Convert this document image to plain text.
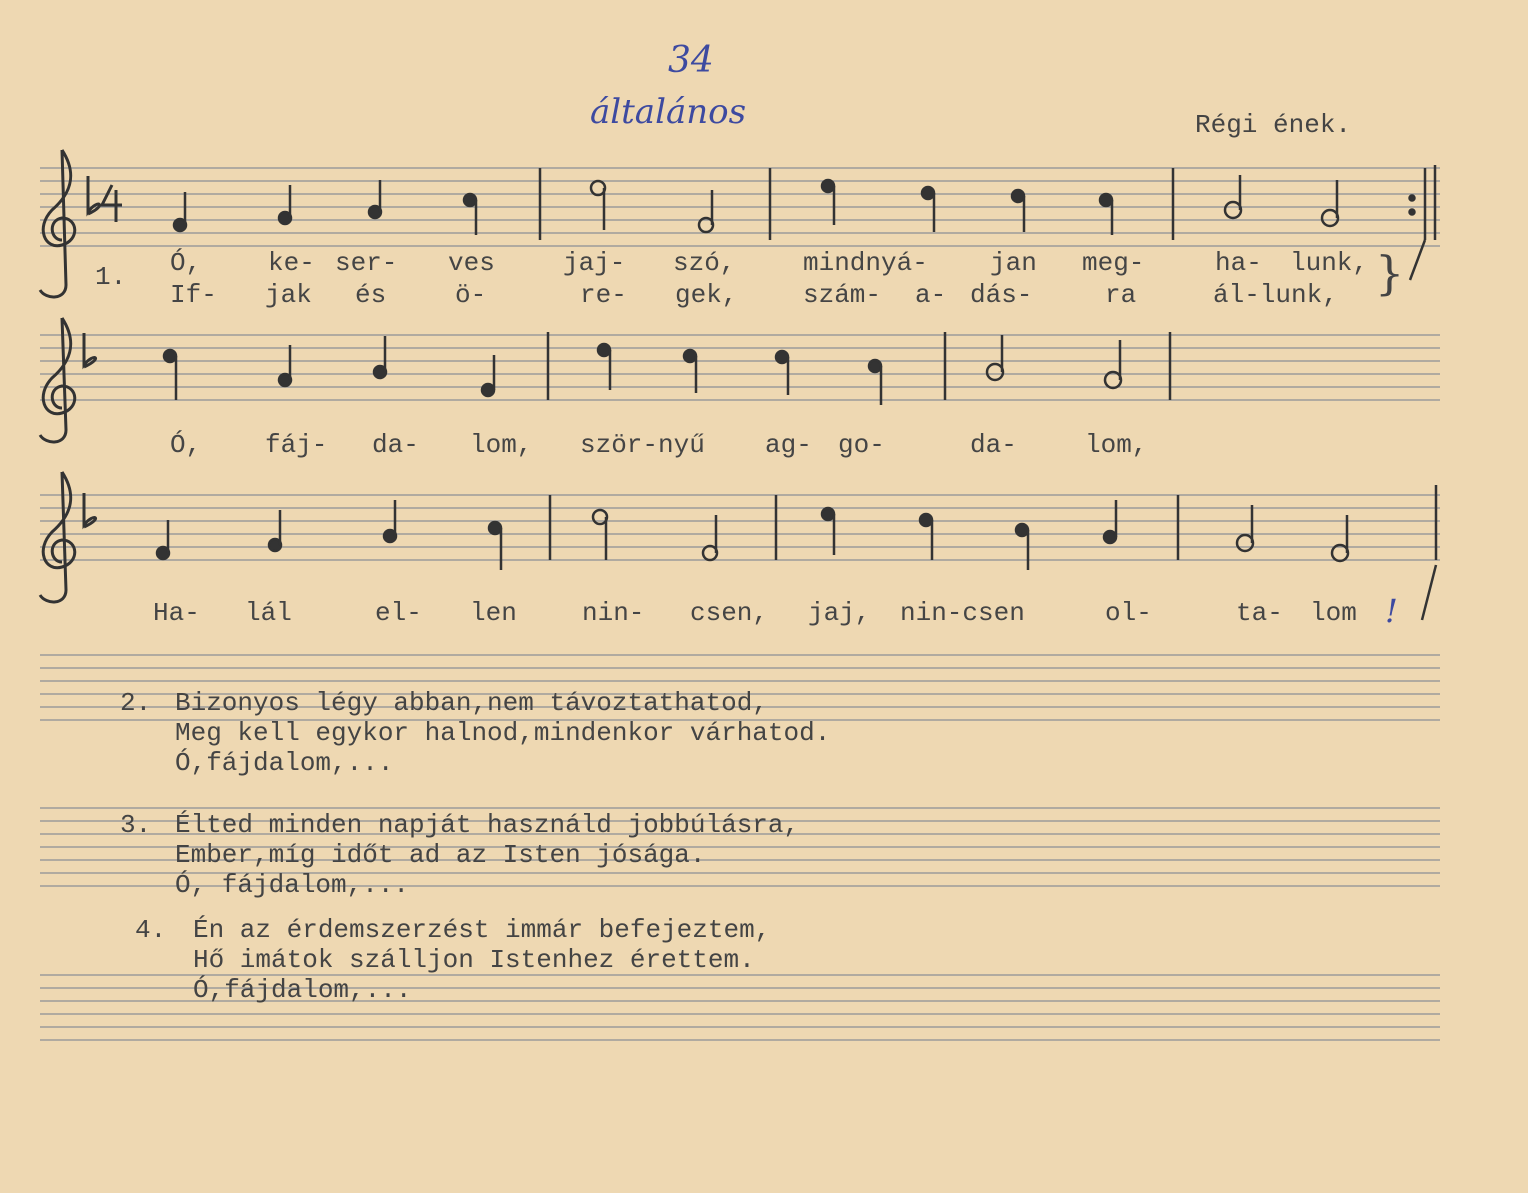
34
általános	Régi ének.
1. Ó,	ke- ser- ves	jaj- szó,	mindnyá- jan meg-	ha- lunk,
If- jak és	ö-	re- gek,	szám- a- dás-	ra	ál-lunk, }
Ó, fáj- da- lom, ször-nyű ag- go-	da-	lom,
Ha- lál	el- len	nin- csen, jaj, nin-csen	ol-	ta- lom !
2. Bizonyos légy abban,nem távoztathatod,
Meg kell egykor halnod,mindenkor várhatod.
Ó,fájdalom,...
3. Élted minden napját használd jobbúlásra,
Ember,míg időt ad az Isten jósága.
Ó, fájdalom,...
4. Én az érdemszerzést immár befejeztem,
Hő imátok szálljon Istenhez érettem.
Ó,fájdalom,...
